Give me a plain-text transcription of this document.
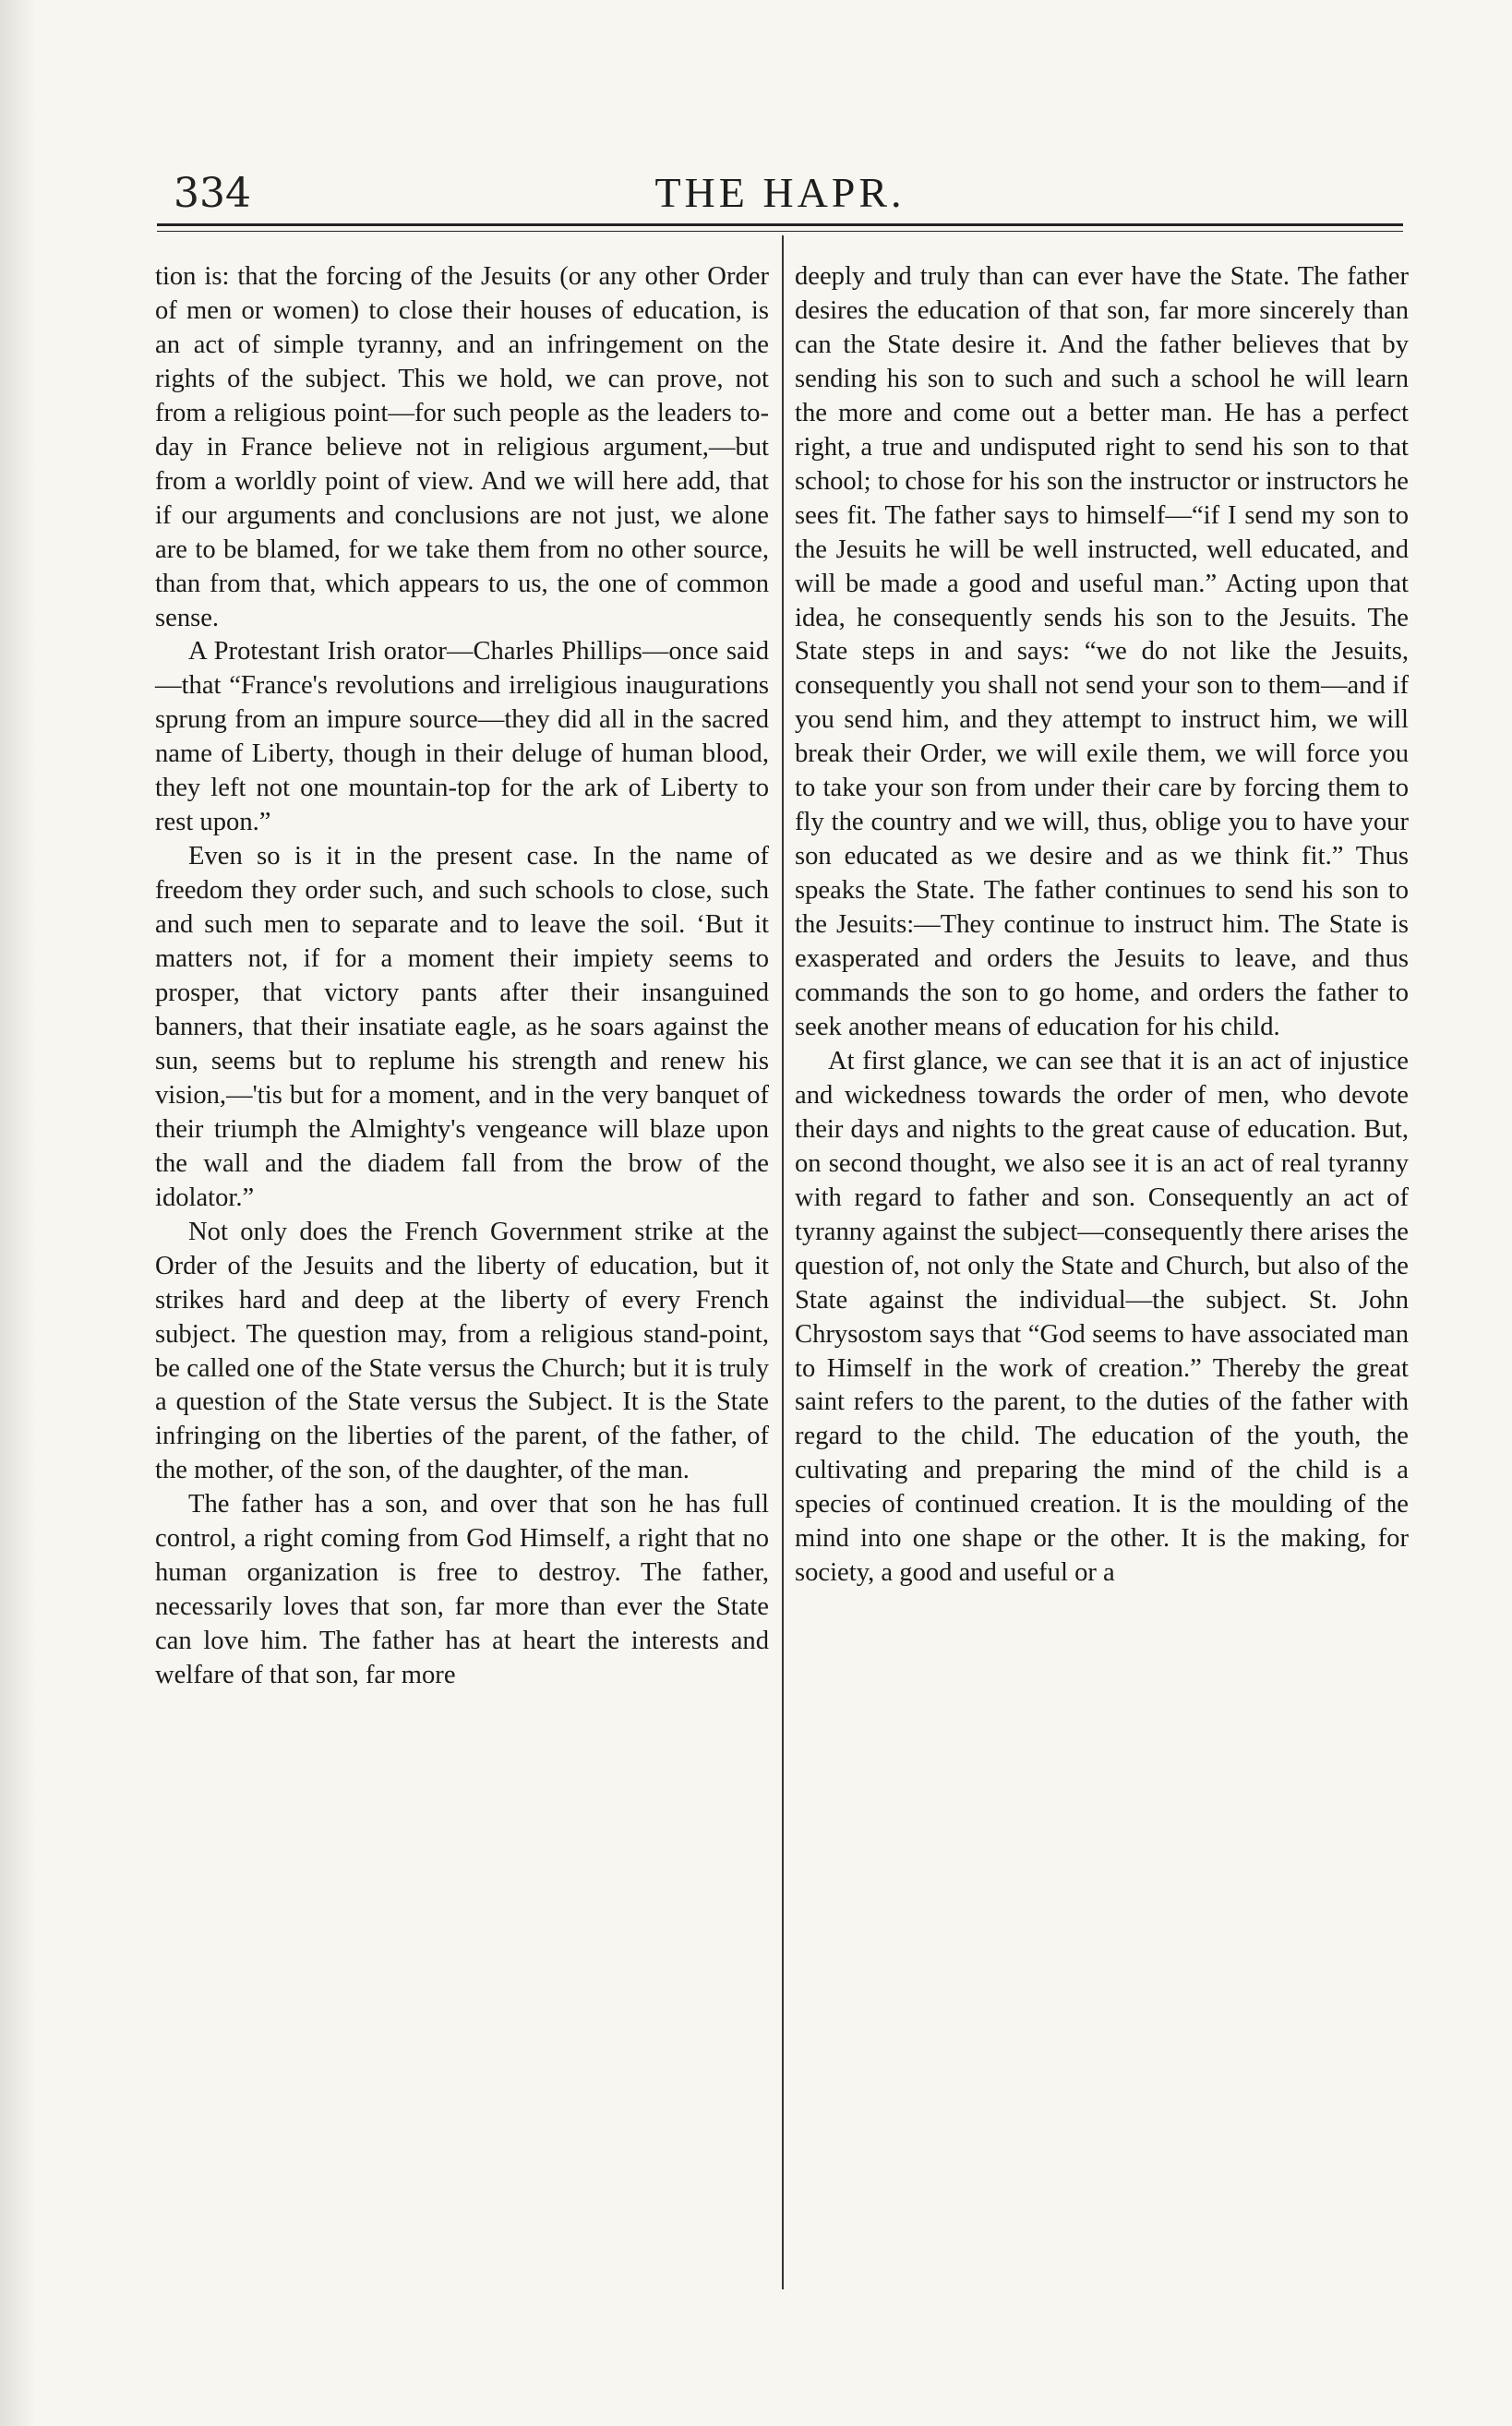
334	THE HAPR.

tion is: that the forcing of the Jesuits (or any other Order of men or women) to close their houses of education, is an act of simple tyranny, and an infringement on the rights of the subject. This we hold, we can prove, not from a religious point—for such people as the leaders to-day in France believe not in religious argument,—but from a worldly point of view. And we will here add, that if our arguments and conclusions are not just, we alone are to be blamed, for we take them from no other source, than from that, which appears to us, the one of common sense.

A Protestant Irish orator—Charles Phillips—once said—that “France's revolutions and irreligious inaugurations sprung from an impure source—they did all in the sacred name of Liberty, though in their deluge of human blood, they left not one mountain-top for the ark of Liberty to rest upon.”

Even so is it in the present case. In the name of freedom they order such, and such schools to close, such and such men to separate and to leave the soil. ‘But it matters not, if for a moment their impiety seems to prosper, that victory pants after their insanguined banners, that their insatiate eagle, as he soars against the sun, seems but to replume his strength and renew his vision,—'tis but for a moment, and in the very banquet of their triumph the Almighty's vengeance will blaze upon the wall and the diadem fall from the brow of the idolator.”

Not only does the French Government strike at the Order of the Jesuits and the liberty of education, but it strikes hard and deep at the liberty of every French subject. The question may, from a religious stand-point, be called one of the State versus the Church; but it is truly a question of the State versus the Subject. It is the State infringing on the liberties of the parent, of the father, of the mother, of the son, of the daughter, of the man.

The father has a son, and over that son he has full control, a right coming from God Himself, a right that no human organization is free to destroy. The father, necessarily loves that son, far more than ever the State can love him. The father has at heart the interests and welfare of that son, far more

deeply and truly than can ever have the State. The father desires the education of that son, far more sincerely than can the State desire it. And the father believes that by sending his son to such and such a school he will learn the more and come out a better man. He has a perfect right, a true and undisputed right to send his son to that school; to chose for his son the instructor or instructors he sees fit. The father says to himself—“if I send my son to the Jesuits he will be well instructed, well educated, and will be made a good and useful man.” Acting upon that idea, he consequently sends his son to the Jesuits. The State steps in and says: “we do not like the Jesuits, consequently you shall not send your son to them—and if you send him, and they attempt to instruct him, we will break their Order, we will exile them, we will force you to take your son from under their care by forcing them to fly the country and we will, thus, oblige you to have your son educated as we desire and as we think fit.” Thus speaks the State. The father continues to send his son to the Jesuits:—They continue to instruct him. The State is exasperated and orders the Jesuits to leave, and thus commands the son to go home, and orders the father to seek another means of education for his child.

At first glance, we can see that it is an act of injustice and wickedness towards the order of men, who devote their days and nights to the great cause of education. But, on second thought, we also see it is an act of real tyranny with regard to father and son. Consequently an act of tyranny against the subject—consequently there arises the question of, not only the State and Church, but also of the State against the individual—the subject. St. John Chrysostom says that “God seems to have associated man to Himself in the work of creation.” Thereby the great saint refers to the parent, to the duties of the father with regard to the child. The education of the youth, the cultivating and preparing the mind of the child is a species of continued creation. It is the moulding of the mind into one shape or the other. It is the making, for society, a good and useful or a
